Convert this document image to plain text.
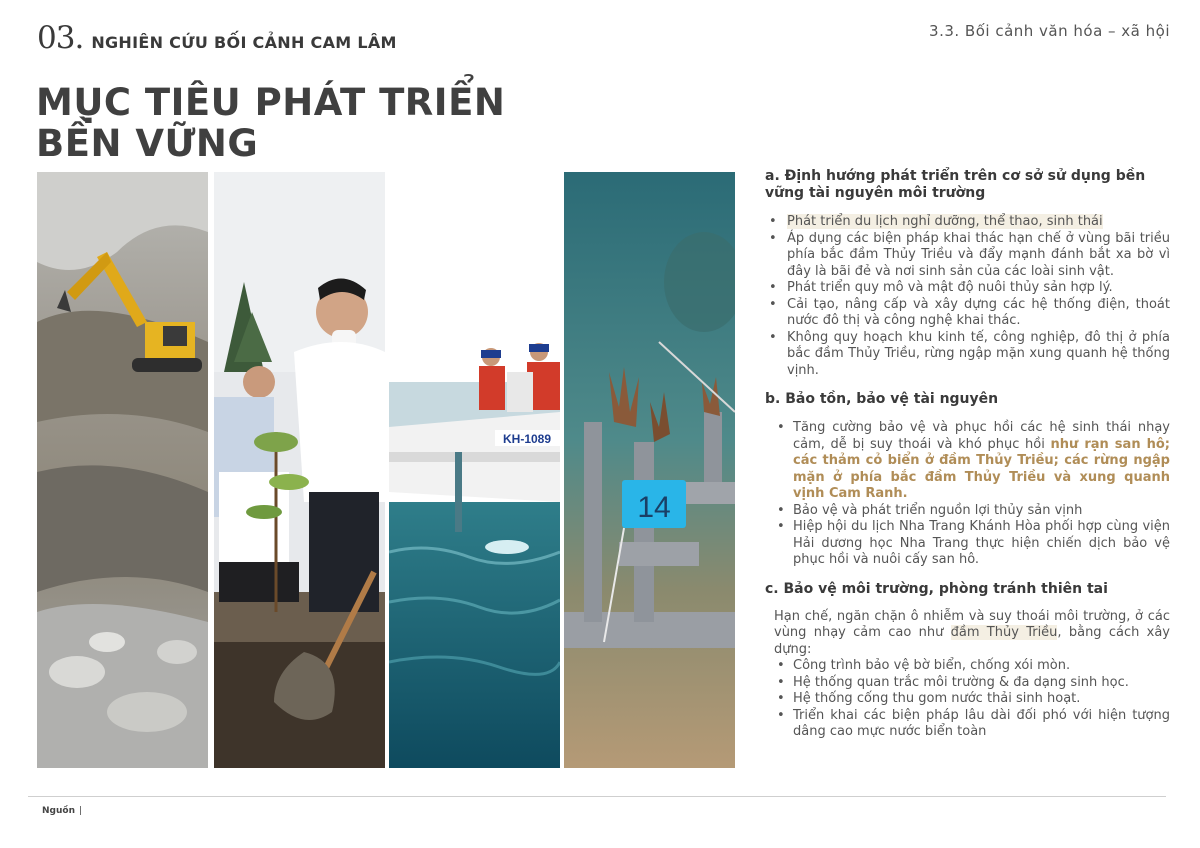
03. NGHIÊN CỨU BỐI CẢNH CAM LÂM
3.3. Bối cảnh văn hóa – xã hội
MỤC TIÊU PHÁT TRIỂN
BỀN VỮNG
KH-1089
14
a. Định hướng phát triển trên cơ sở sử dụng bền vững tài nguyên môi trường
• Phát triển du lịch nghỉ dưỡng, thể thao, sinh thái
• Áp dụng các biện pháp khai thác hạn chế ở vùng bãi triều phía bắc đầm Thủy Triều và đẩy mạnh đánh bắt xa bờ vì đây là bãi đẻ và nơi sinh sản của các loài sinh vật.
• Phát triển quy mô và mật độ nuôi thủy sản hợp lý.
• Cải tạo, nâng cấp và xây dựng các hệ thống điện, thoát nước đô thị và công nghệ khai thác.
• Không quy hoạch khu kinh tế, công nghiệp, đô thị ở phía bắc đầm Thủy Triều, rừng ngập mặn xung quanh hệ thống vịnh.
b. Bảo tồn, bảo vệ tài nguyên
• Tăng cường bảo vệ và phục hồi các hệ sinh thái nhạy cảm, dễ bị suy thoái và khó phục hồi như rạn san hô; các thảm cỏ biển ở đầm Thủy Triều; các rừng ngập mặn ở phía bắc đầm Thủy Triều và xung quanh vịnh Cam Ranh.
• Bảo vệ và phát triển nguồn lợi thủy sản vịnh
• Hiệp hội du lịch Nha Trang Khánh Hòa phối hợp cùng viện Hải dương học Nha Trang thực hiện chiến dịch bảo vệ phục hồi và nuôi cấy san hô.
c. Bảo vệ môi trường, phòng tránh thiên tai
Hạn chế, ngăn chặn ô nhiễm và suy thoái môi trường, ở các vùng nhạy cảm cao như đầm Thủy Triều, bằng cách xây dựng:
• Công trình bảo vệ bờ biển, chống xói mòn.
• Hệ thống quan trắc môi trường & đa dạng sinh học.
• Hệ thống cống thu gom nước thải sinh hoạt.
• Triển khai các biện pháp lâu dài đối phó với hiện tượng dâng cao mực nước biển toàn
Nguồn |
